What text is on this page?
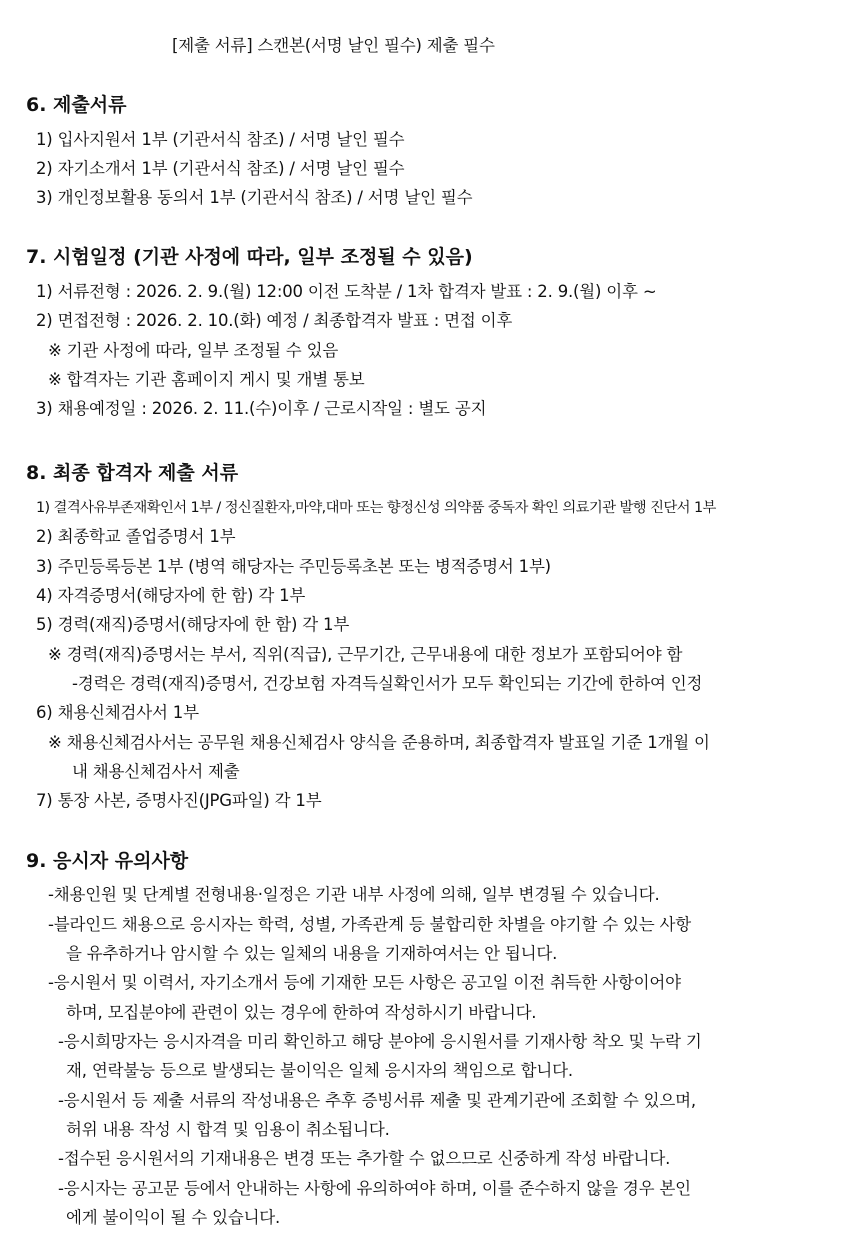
[제출 서류] 스캔본(서명 날인 필수) 제출 필수
6. 제출서류
1) 입사지원서 1부 (기관서식 참조) / 서명 날인 필수
2) 자기소개서 1부 (기관서식 참조) / 서명 날인 필수
3) 개인정보활용 동의서 1부 (기관서식 참조) / 서명 날인 필수
7. 시험일정 (기관 사정에 따라, 일부 조정될 수 있음)
1) 서류전형 : 2026. 2. 9.(월) 12:00 이전 도착분 / 1차 합격자 발표 : 2. 9.(월) 이후 ~
2) 면접전형 : 2026. 2. 10.(화) 예정 / 최종합격자 발표 : 면접 이후
※ 기관 사정에 따라, 일부 조정될 수 있음
※ 합격자는 기관 홈페이지 게시 및 개별 통보
3) 채용예정일 : 2026. 2. 11.(수)이후 / 근로시작일 : 별도 공지
8. 최종 합격자 제출 서류
1) 결격사유부존재확인서 1부 / 정신질환자,마약,대마 또는 향정신성 의약품 중독자 확인 의료기관 발행 진단서 1부
2) 최종학교 졸업증명서 1부
3) 주민등록등본 1부 (병역 해당자는 주민등록초본 또는 병적증명서 1부)
4) 자격증명서(해당자에 한 함) 각 1부
5) 경력(재직)증명서(해당자에 한 함) 각 1부
※ 경력(재직)증명서는 부서, 직위(직급), 근무기간, 근무내용에 대한 정보가 포함되어야 함
-경력은 경력(재직)증명서, 건강보험 자격득실확인서가 모두 확인되는 기간에 한하여 인정
6) 채용신체검사서 1부
※ 채용신체검사서는 공무원 채용신체검사 양식을 준용하며, 최종합격자 발표일 기준 1개월 이
내 채용신체검사서 제출
7) 통장 사본, 증명사진(JPG파일) 각 1부
9. 응시자 유의사항
-채용인원 및 단계별 전형내용·일정은 기관 내부 사정에 의해, 일부 변경될 수 있습니다.
-블라인드 채용으로 응시자는 학력, 성별, 가족관계 등 불합리한 차별을 야기할 수 있는 사항
을 유추하거나 암시할 수 있는 일체의 내용을 기재하여서는 안 됩니다.
-응시원서 및 이력서, 자기소개서 등에 기재한 모든 사항은 공고일 이전 취득한 사항이어야
하며, 모집분야에 관련이 있는 경우에 한하여 작성하시기 바랍니다.
-응시희망자는 응시자격을 미리 확인하고 해당 분야에 응시원서를 기재사항 착오 및 누락 기
재, 연락불능 등으로 발생되는 불이익은 일체 응시자의 책임으로 합니다.
-응시원서 등 제출 서류의 작성내용은 추후 증빙서류 제출 및 관계기관에 조회할 수 있으며,
허위 내용 작성 시 합격 및 임용이 취소됩니다.
-접수된 응시원서의 기재내용은 변경 또는 추가할 수 없으므로 신중하게 작성 바랍니다.
-응시자는 공고문 등에서 안내하는 사항에 유의하여야 하며, 이를 준수하지 않을 경우 본인
에게 불이익이 될 수 있습니다.
